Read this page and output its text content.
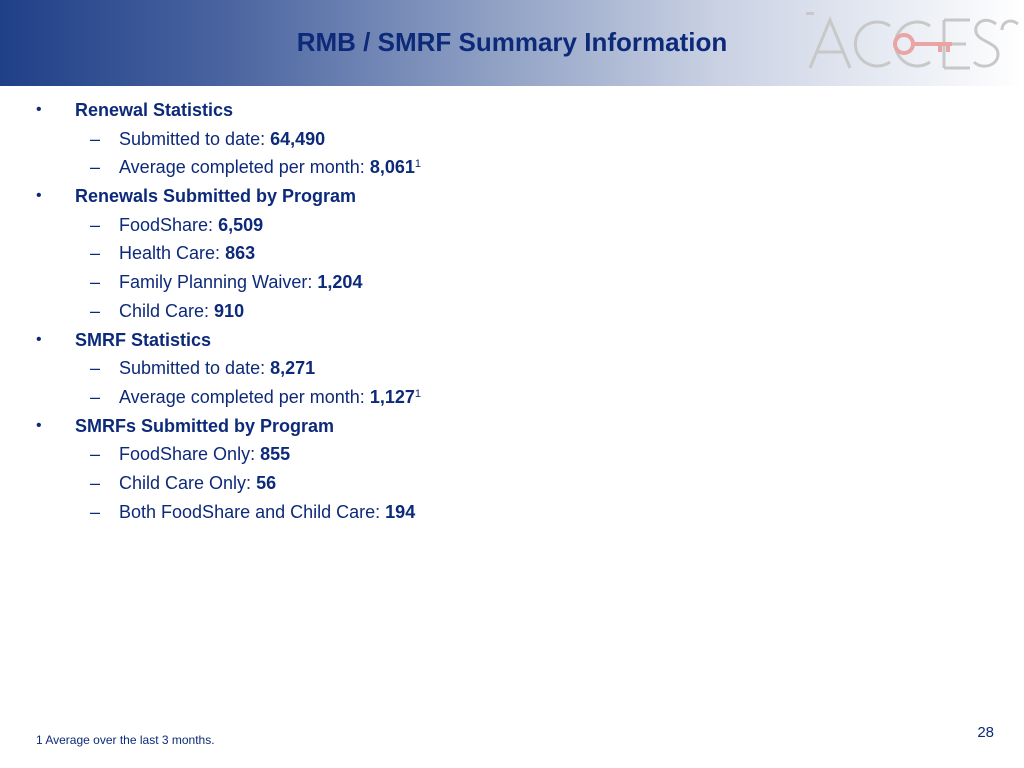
RMB / SMRF Summary Information
• Renewal Statistics
– Submitted to date: 64,490
– Average completed per month: 8,061$^1$
• Renewals Submitted by Program
– FoodShare: 6,509
– Health Care: 863
– Family Planning Waiver: 1,204
– Child Care: 910
• SMRF Statistics
– Submitted to date: 8,271
– Average completed per month: 1,127$^1$
• SMRFs Submitted by Program
– FoodShare Only: 855
– Child Care Only: 56
– Both FoodShare and Child Care: 194
1 Average over the last 3 months.	28
